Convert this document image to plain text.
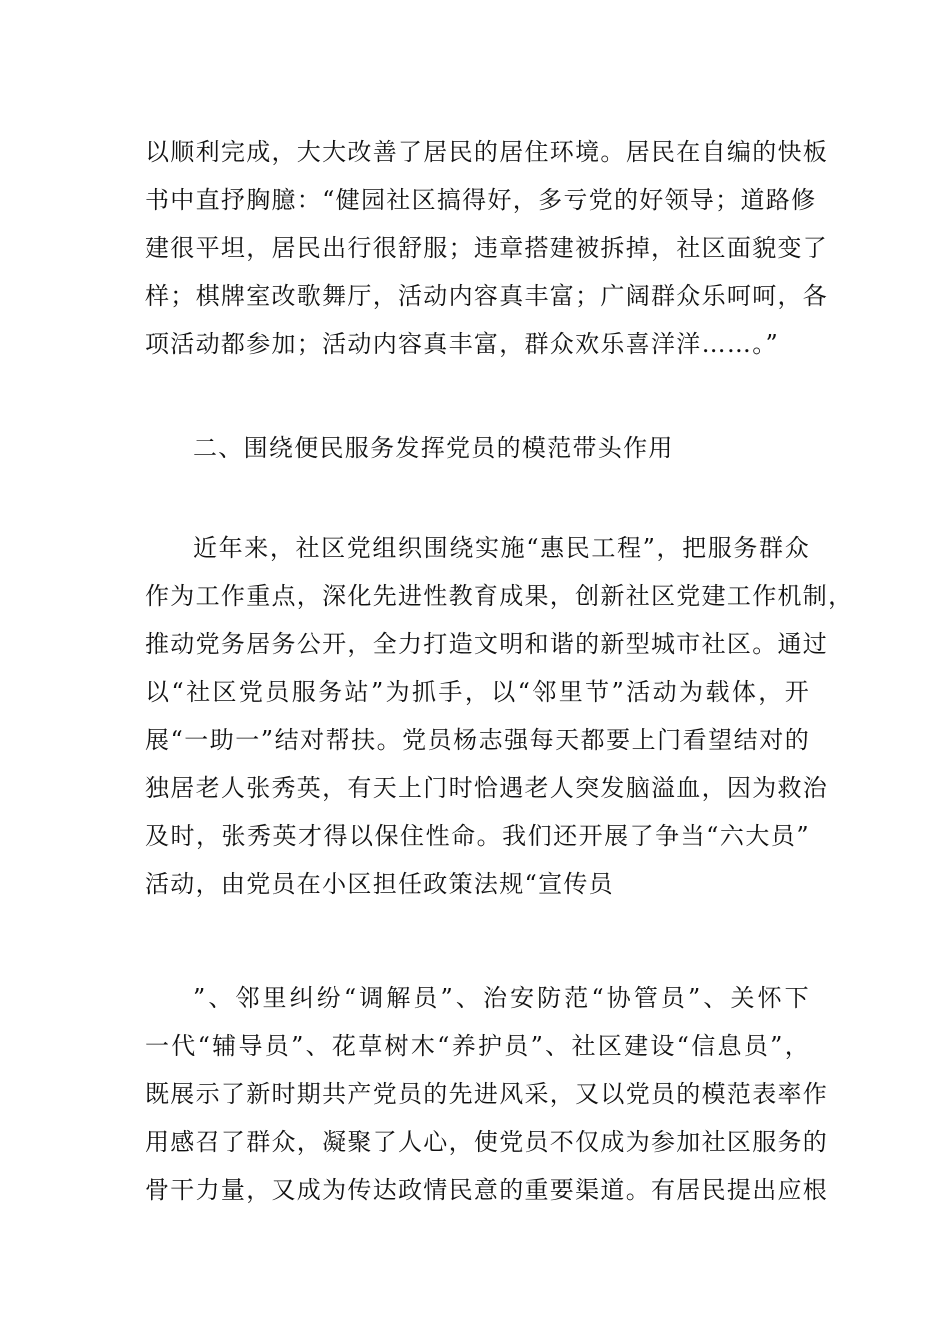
以顺利完成，大大改善了居民的居住环境。居民在自编的快板
书中直抒胸臆：“健园社区搞得好，多亏党的好领导；道路修
建很平坦，居民出行很舒服；违章搭建被拆掉，社区面貌变了
样；棋牌室改歌舞厅，活动内容真丰富；广阔群众乐呵呵，各
项活动都参加；活动内容真丰富，群众欢乐喜洋洋……。”
二、围绕便民服务发挥党员的模范带头作用
近年来，社区党组织围绕实施“惠民工程”，把服务群众
作为工作重点，深化先进性教育成果，创新社区党建工作机制，
推动党务居务公开，全力打造文明和谐的新型城市社区。通过
以“社区党员服务站”为抓手，以“邻里节”活动为载体，开
展“一助一”结对帮扶。党员杨志强每天都要上门看望结对的
独居老人张秀英，有天上门时恰遇老人突发脑溢血，因为救治
及时，张秀英才得以保住性命。我们还开展了争当“六大员”
活动，由党员在小区担任政策法规“宣传员
”、邻里纠纷“调解员”、治安防范“协管员”、关怀下
一代“辅导员”、花草树木“养护员”、社区建设“信息员”，
既展示了新时期共产党员的先进风采，又以党员的模范表率作
用感召了群众，凝聚了人心，使党员不仅成为参加社区服务的
骨干力量，又成为传达政情民意的重要渠道。有居民提出应根
